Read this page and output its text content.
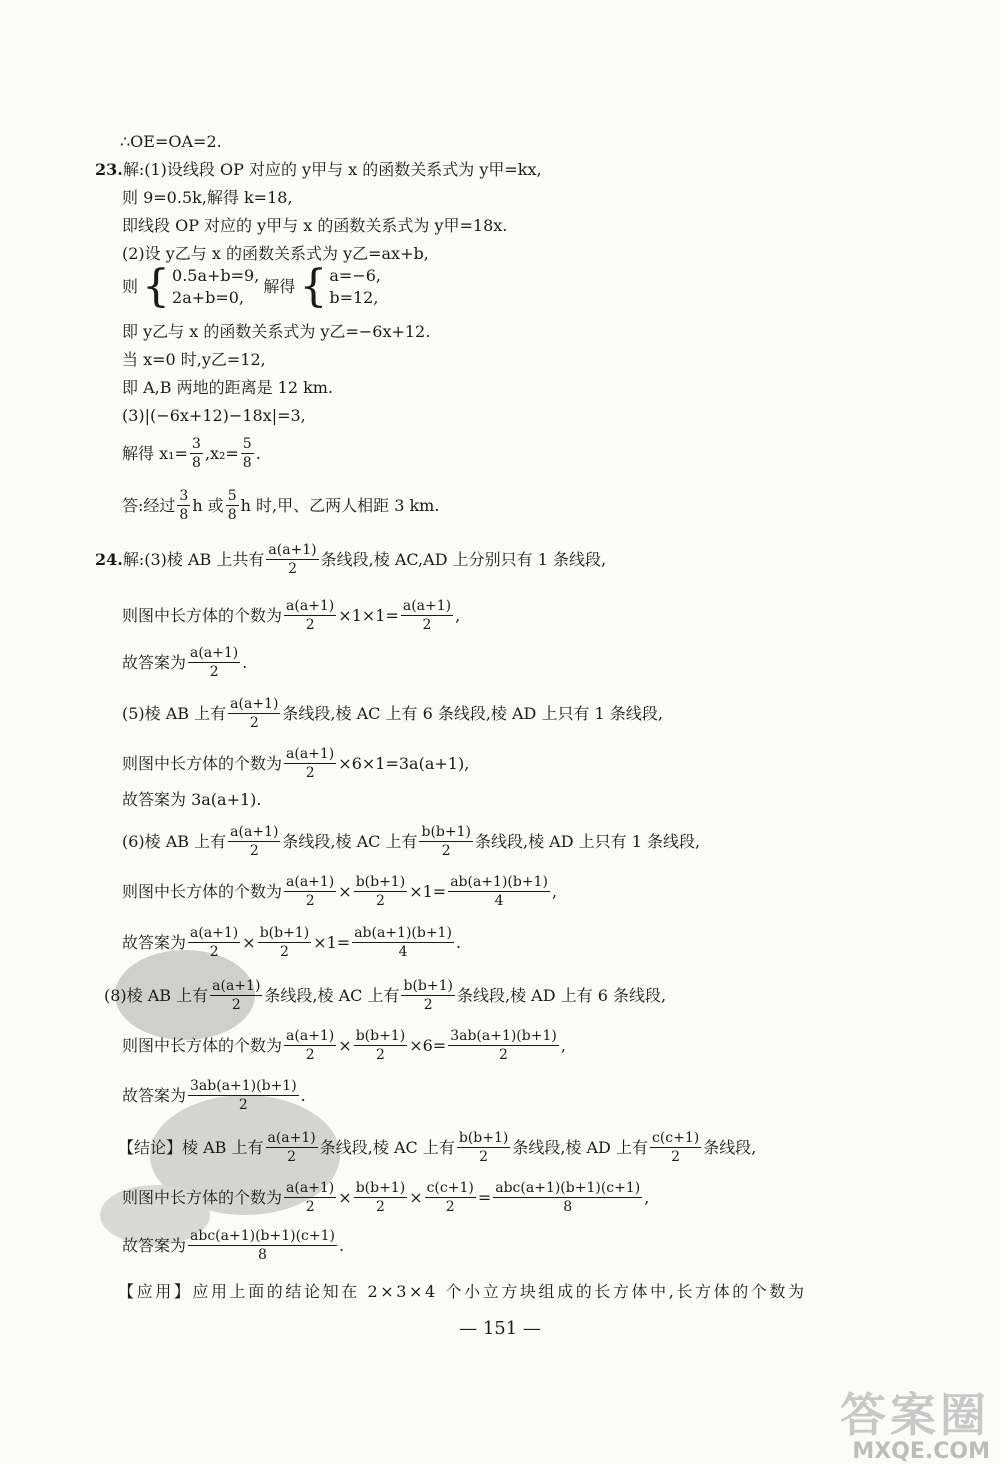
∴OE=OA=2.
23.解:(1)设线段 OP 对应的 y甲与 x 的函数关系式为 y甲=kx,
则 9=0.5k,解得 k=18,
即线段 OP 对应的 y甲与 x 的函数关系式为 y甲=18x.
(2)设 y乙与 x 的函数关系式为 y乙=ax+b,
则 { 0.5a+b=9,
2a+b=0,
解得 { a=−6,
b=12,
即 y乙与 x 的函数关系式为 y乙=−6x+12.
当 x=0 时,y乙=12,
即 A,B 两地的距离是 12 km.
(3)|(−6x+12)−18x|=3,
解得 $x_1= \frac{3}{8} ,x_2= \frac{5}{8}$ .
答:经过 $\frac{3}{8}$ h 或 $\frac{5}{8}$ h 时,甲、乙两人相距 3 km.
24. 解:(3)棱 AB 上共有 $\frac{a(a+1)}{2}$ 条线段,棱 AC,AD 上分别只有 1 条线段,
则图中长方体的个数为 $\frac{a(a+1)}{2} \times 1\times 1= \frac{a(a+1)}{2}$ ,
故答案为 $\frac{a(a+1)}{2}$ .
(5)棱 AB 上有 $\frac{a(a+1)}{2}$ 条线段,棱 AC 上有 6 条线段,棱 AD 上只有 1 条线段,
则图中长方体的个数为 $\frac{a(a+1)}{2} \times 6\times 1=3a(a+1)$,
故答案为 3a(a+1).
(6)棱 AB 上有 $\frac{a(a+1)}{2}$ 条线段,棱 AC 上有 $\frac{b(b+1)}{2}$ 条线段,棱 AD 上只有 1 条线段,
则图中长方体的个数为 $\frac{a(a+1)}{2} \times \frac{b(b+1)}{2} \times 1= \frac{ab(a+1)(b+1)}{4}$ ,
故答案为 $\frac{a(a+1)}{2} \times \frac{b(b+1)}{2} \times 1= \frac{ab(a+1)(b+1)}{4}$ .
(8)棱 AB 上有 $\frac{a(a+1)}{2}$ 条线段,棱 AC 上有 $\frac{b(b+1)}{2}$ 条线段,棱 AD 上有 6 条线段,
则图中长方体的个数为 $\frac{a(a+1)}{2} \times \frac{b(b+1)}{2} \times 6= \frac{3ab(a+1)(b+1)}{2}$ ,
故答案为 $\frac{3ab(a+1)(b+1)}{2}$ .
【结论】棱 AB 上有 $\frac{a(a+1)}{2}$ 条线段,棱 AC 上有 $\frac{b(b+1)}{2}$ 条线段,棱 AD 上有 $\frac{c(c+1)}{2}$ 条线段,
则图中长方体的个数为 $\frac{a(a+1)}{2} \times \frac{b(b+1)}{2} \times \frac{c(c+1)}{2} = abc(a+1)(b+1)(c+1)$
8
,
故答案为 abc(a+1)(b+1)(c+1)
8
.
【应用】应用上面的结论知在 2×3×4 个小立方块组成的长方体中,长方体的个数为
— 151 —
答案圈
MXQE.COM
